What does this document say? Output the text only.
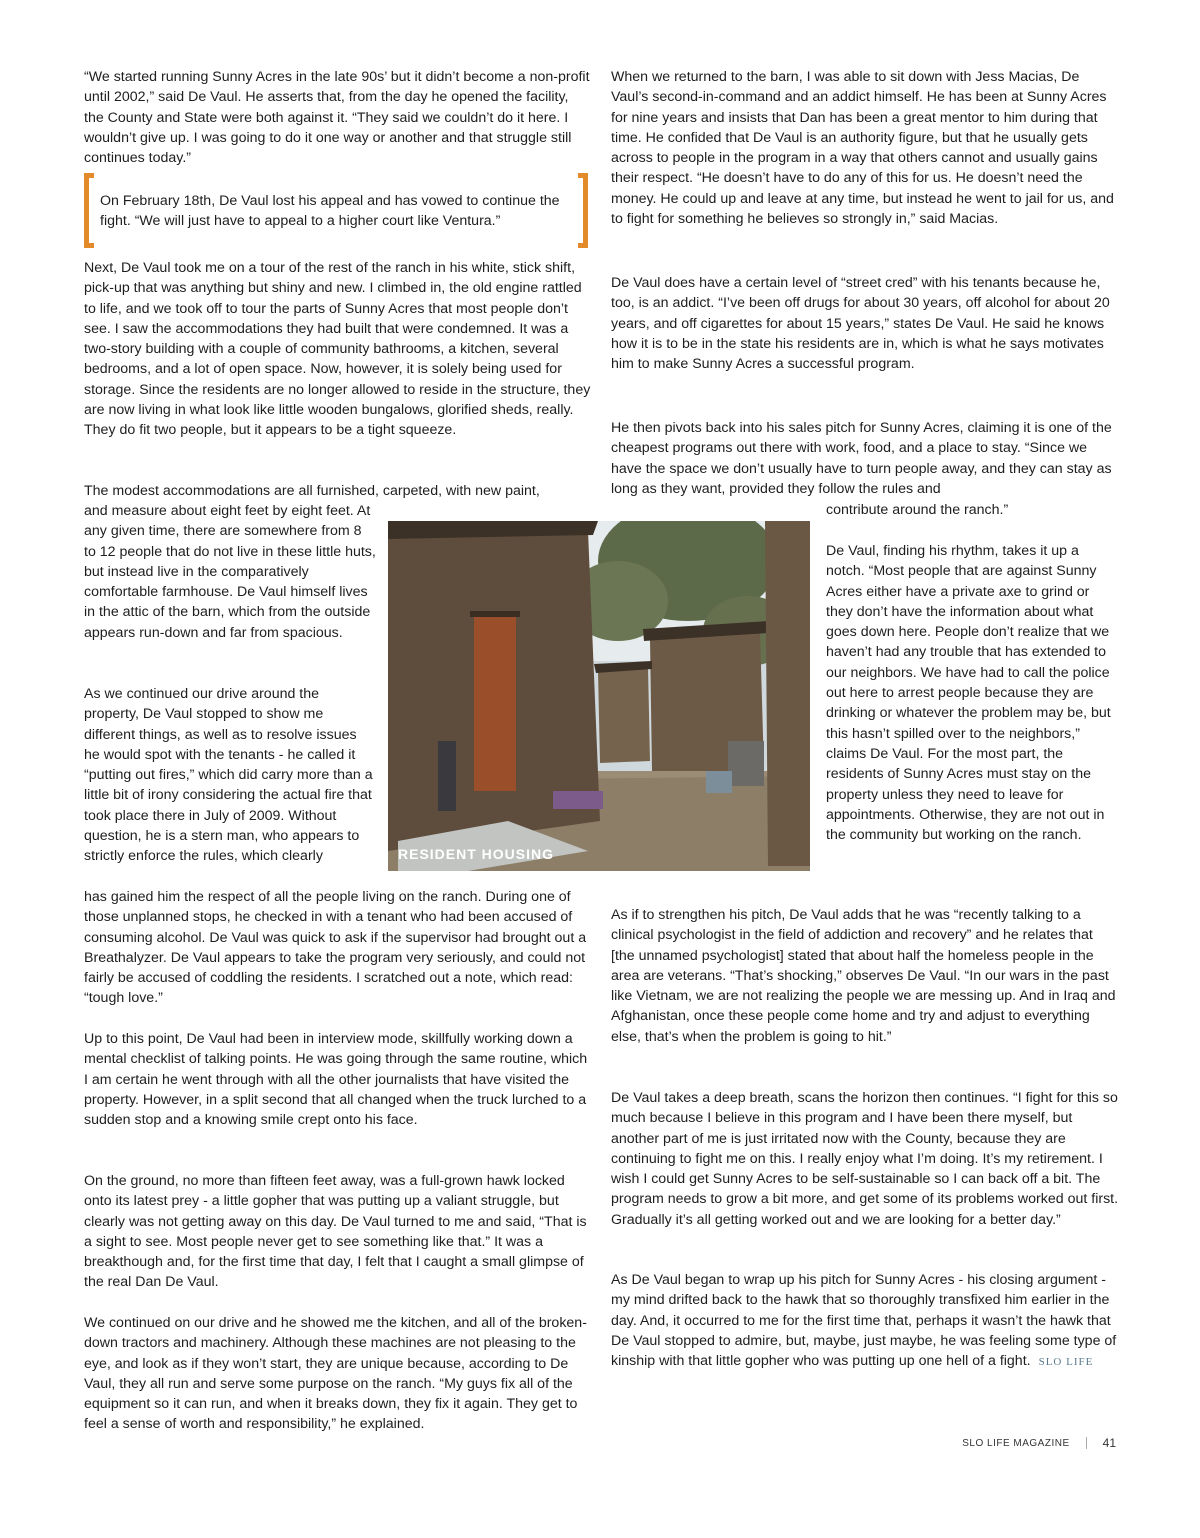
“We started running Sunny Acres in the late 90s’ but it didn’t become a non-profit until 2002,” said De Vaul. He asserts that, from the day he opened the facility, the County and State were both against it. “They said we couldn’t do it here. I wouldn’t give up. I was going to do it one way or another and that struggle still continues today.”

On February 18th, De Vaul lost his appeal and has vowed to continue the fight. “We will just have to appeal to a higher court like Ventura.”

Next, De Vaul took me on a tour of the rest of the ranch in his white, stick shift, pick-up that was anything but shiny and new. I climbed in, the old engine rattled to life, and we took off to tour the parts of Sunny Acres that most people don’t see. I saw the accommodations they had built that were condemned. It was a two-story building with a couple of community bathrooms, a kitchen, several bedrooms, and a lot of open space. Now, however, it is solely being used for storage. Since the residents are no longer allowed to reside in the structure, they are now living in what look like little wooden bungalows, glorified sheds, really. They do fit two people, but it appears to be a tight squeeze.

The modest accommodations are all furnished, carpeted, with new paint,

and measure about eight feet by eight feet. At any given time, there are somewhere from 8 to 12 people that do not live in these little huts, but instead live in the comparatively comfortable farmhouse. De Vaul himself lives in the attic of the barn, which from the outside appears run-down and far from spacious.

As we continued our drive around the property, De Vaul stopped to show me different things, as well as to resolve issues he would spot with the tenants - he called it “putting out fires,” which did carry more than a little bit of irony considering the actual fire that took place there in July of 2009. Without question, he is a stern man, who appears to strictly enforce the rules, which clearly

has gained him the respect of all the people living on the ranch. During one of those unplanned stops, he checked in with a tenant who had been accused of consuming alcohol. De Vaul was quick to ask if the supervisor had brought out a Breathalyzer. De Vaul appears to take the program very seriously, and could not fairly be accused of coddling the residents. I scratched out a note, which read: “tough love.”

Up to this point, De Vaul had been in interview mode, skillfully working down a mental checklist of talking points. He was going through the same routine, which I am certain he went through with all the other journalists that have visited the property. However, in a split second that all changed when the truck lurched to a sudden stop and a knowing smile crept onto his face.

On the ground, no more than fifteen feet away, was a full-grown hawk locked onto its latest prey - a little gopher that was putting up a valiant struggle, but clearly was not getting away on this day. De Vaul turned to me and said, “That is a sight to see. Most people never get to see something like that.” It was a breakthough and, for the first time that day, I felt that I caught a small glimpse of the real Dan De Vaul.

We continued on our drive and he showed me the kitchen, and all of the broken-down tractors and machinery. Although these machines are not pleasing to the eye, and look as if they won’t start, they are unique because, according to De Vaul, they all run and serve some purpose on the ranch. “My guys fix all of the equipment so it can run, and when it breaks down, they fix it again. They get to feel a sense of worth and responsibility,” he explained.

When we returned to the barn, I was able to sit down with Jess Macias, De Vaul’s second-in-command and an addict himself. He has been at Sunny Acres for nine years and insists that Dan has been a great mentor to him during that time. He confided that De Vaul is an authority figure, but that he usually gets across to people in the program in a way that others cannot and usually gains their respect. “He doesn’t have to do any of this for us. He doesn’t need the money. He could up and leave at any time, but instead he went to jail for us, and to fight for something he believes so strongly in,” said Macias.

De Vaul does have a certain level of “street cred” with his tenants because he, too, is an addict. “I’ve been off drugs for about 30 years, off alcohol for about 20 years, and off cigarettes for about 15 years,” states De Vaul. He said he knows how it is to be in the state his residents are in, which is what he says motivates him to make Sunny Acres a successful program.

He then pivots back into his sales pitch for Sunny Acres, claiming it is one of the cheapest programs out there with work, food, and a place to stay. “Since we have the space we don’t usually have to turn people away, and they can stay as long as they want, provided they follow the rules and

contribute around the ranch.”

De Vaul, finding his rhythm, takes it up a notch. “Most people that are against Sunny Acres either have a private axe to grind or they don’t have the information about what goes down here. People don’t realize that we haven’t had any trouble that has extended to our neighbors. We have had to call the police out here to arrest people because they are drinking or whatever the problem may be, but this hasn’t spilled over to the neighbors,” claims De Vaul. For the most part, the residents of Sunny Acres must stay on the property unless they need to leave for appointments. Otherwise, they are not out in the community but working on the ranch.

As if to strengthen his pitch, De Vaul adds that he was “recently talking to a clinical psychologist in the field of addiction and recovery” and he relates that [the unnamed psychologist] stated that about half the homeless people in the area are veterans. “That’s shocking,” observes De Vaul. “In our wars in the past like Vietnam, we are not realizing the people we are messing up. And in Iraq and Afghanistan, once these people come home and try and adjust to everything else, that’s when the problem is going to hit.”

De Vaul takes a deep breath, scans the horizon then continues. “I fight for this so much because I believe in this program and I have been there myself, but another part of me is just irritated now with the County, because they are continuing to fight me on this. I really enjoy what I’m doing. It’s my retirement. I wish I could get Sunny Acres to be self-sustainable so I can back off a bit. The program needs to grow a bit more, and get some of its problems worked out first. Gradually it’s all getting worked out and we are looking for a better day.”

As De Vaul began to wrap up his pitch for Sunny Acres - his closing argument - my mind drifted back to the hawk that so thoroughly transfixed him earlier in the day. And, it occurred to me for the first time that, perhaps it wasn’t the hawk that De Vaul stopped to admire, but, maybe, just maybe, he was feeling some type of kinship with that little gopher who was putting up one hell of a fight. SLO LIFE

RESIDENT HOUSING
SLO LIFE MAGAZINE	41
